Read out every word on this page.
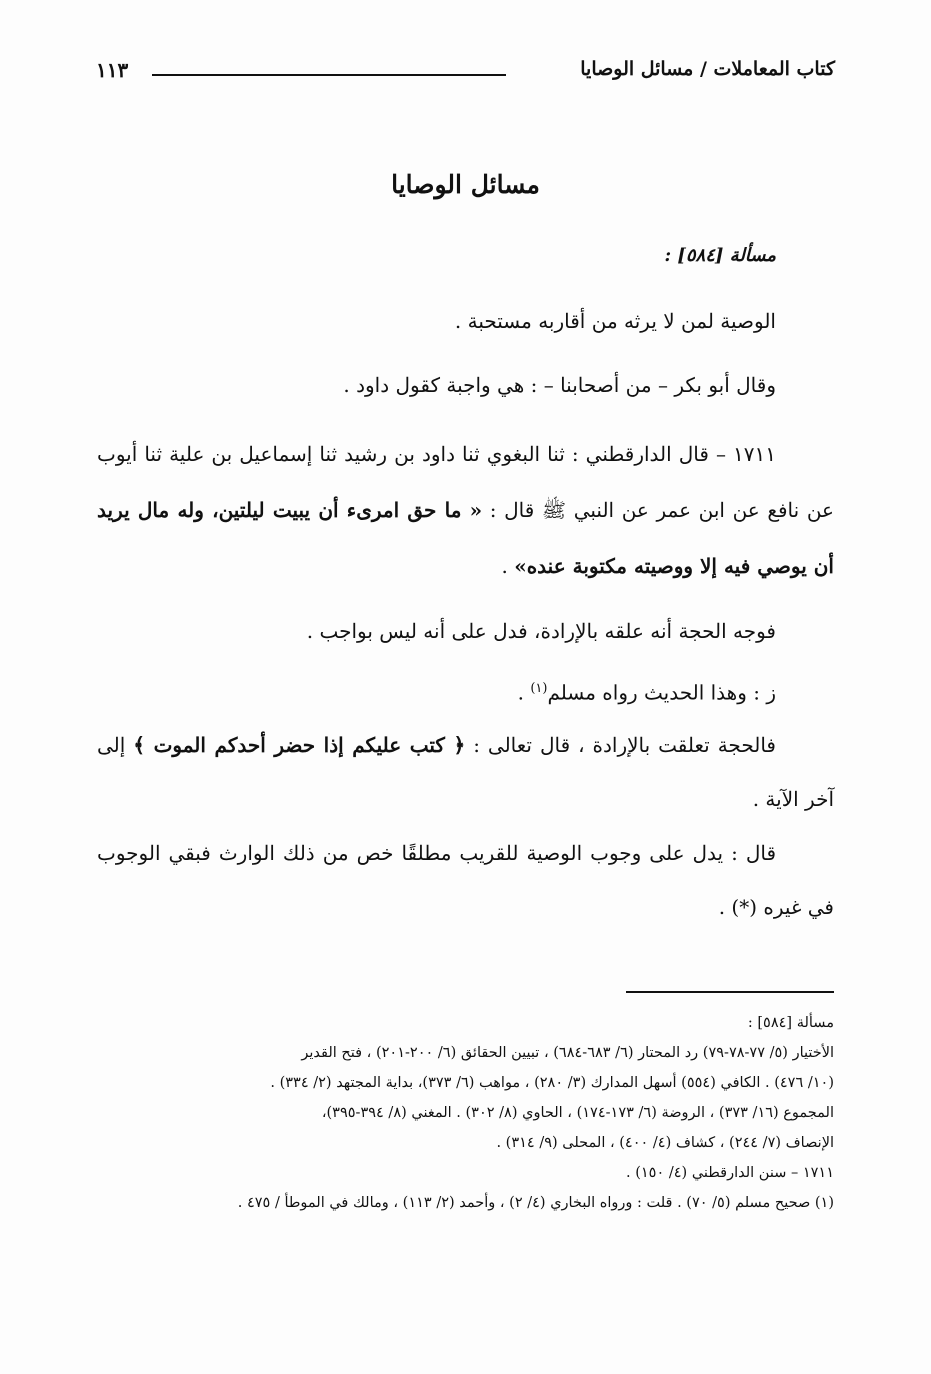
كتاب المعاملات / مسائل الوصايا
١١٣
مسائل الوصايا
مسألة [٥٨٤] :
الوصية لمن لا يرثه من أقاربه مستحبة .
وقال أبو بكر – من أصحابنا – : هي واجبة كقول داود .
١٧١١ – قال الدارقطني : ثنا البغوي ثنا داود بن رشيد ثنا إسماعيل بن علية ثنا أيوب عن نافع عن ابن عمر عن النبي ﷺ قال : « ما حق امرىء أن يبيت ليلتين، وله مال يريد أن يوصي فيه إلا ووصيته مكتوبة عنده» .
فوجه الحجة أنه علقه بالإرادة، فدل على أنه ليس بواجب .
ز : وهذا الحديث رواه مسلم$^{(١)}$ .
فالحجة تعلقت بالإرادة ، قال تعالى : ﴿ كتب عليكم إذا حضر أحدكم الموت ﴾ إلى آخر الآية .
قال : يدل على وجوب الوصية للقريب مطلقًا خص من ذلك الوارث فبقي الوجوب في غيره (*) .
مسألة [٥٨٤] :
الأختيار (٥/ ٧٧-٧٨-٧٩) رد المحتار (٦/ ٦٨٣-٦٨٤) ، تبيين الحقائق (٦/ ٢٠٠-٢٠١) ، فتح القدير
(١٠/ ٤٧٦) . الكافي (٥٥٤) أسهل المدارك (٣/ ٢٨٠) ، مواهب (٦/ ٣٧٣)، بداية المجتهد (٢/ ٣٣٤) .
المجموع (١٦/ ٣٧٣) ، الروضة (٦/ ١٧٣-١٧٤) ، الحاوي (٨/ ٣٠٢) . المغني (٨/ ٣٩٤-٣٩٥)،
الإنصاف (٧/ ٢٤٤) ، كشاف (٤/ ٤٠٠) ، المحلى (٩/ ٣١٤) .
١٧١١ – سنن الدارقطني (٤/ ١٥٠) .
(١) صحيح مسلم (٥/ ٧٠) . قلت : ورواه البخاري (٤/ ٢) ، وأحمد (٢/ ١١٣) ، ومالك في الموطأ / ٤٧٥ .
